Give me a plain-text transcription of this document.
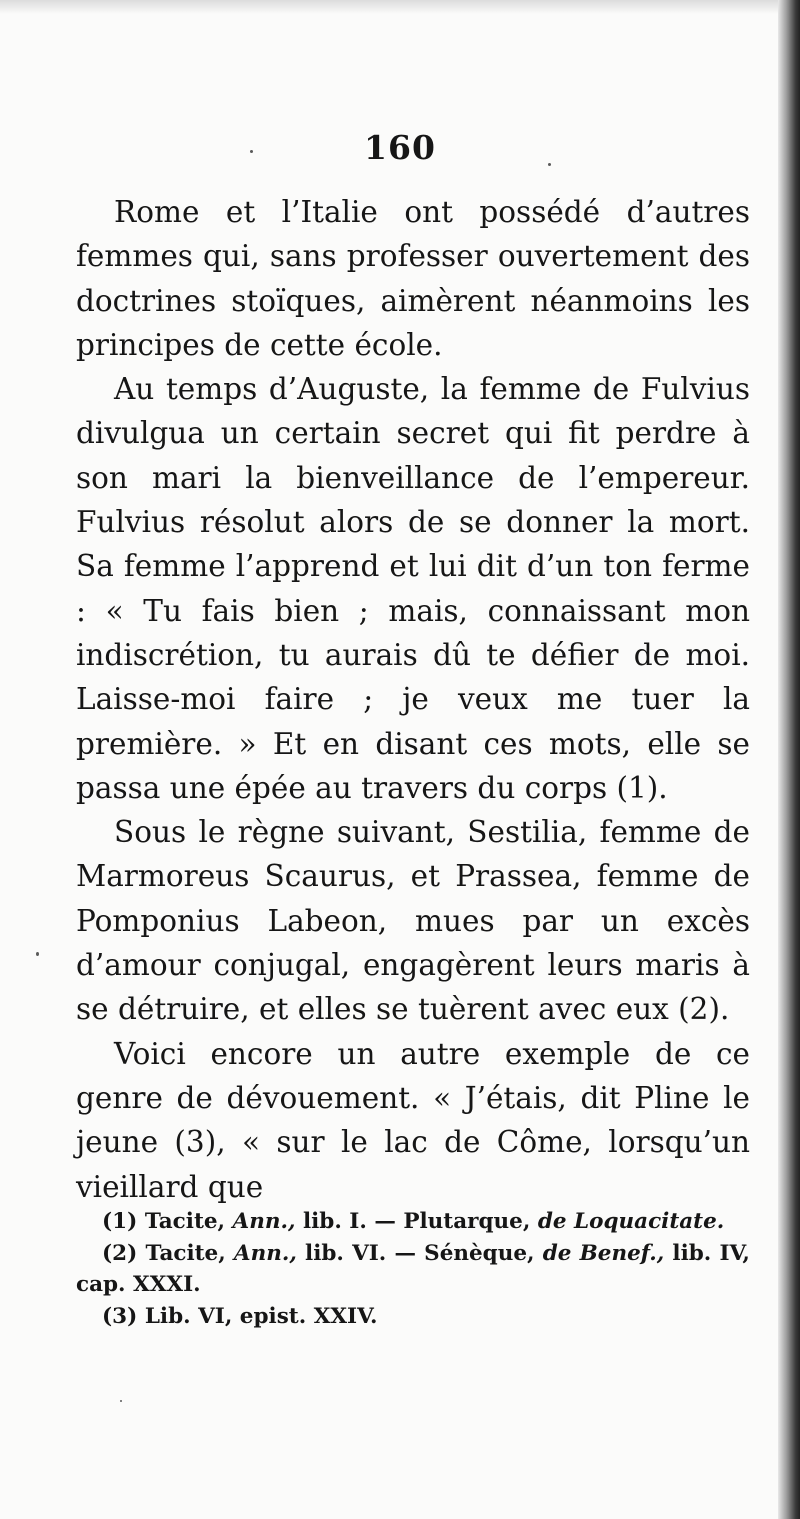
160

Rome et l’Italie ont possédé d’autres femmes qui, sans professer ouvertement des doctrines stoïques, aimèrent néanmoins les principes de cette école.

Au temps d’Auguste, la femme de Fulvius divulgua un certain secret qui fit perdre à son mari la bienveillance de l’empereur. Fulvius résolut alors de se donner la mort. Sa femme l’apprend et lui dit d’un ton ferme : « Tu fais bien ; mais, connaissant mon indiscrétion, tu aurais dû te défier de moi. Laisse-moi faire ; je veux me tuer la première. » Et en disant ces mots, elle se passa une épée au travers du corps (1).

Sous le règne suivant, Sestilia, femme de Marmoreus Scaurus, et Prassea, femme de Pomponius Labeon, mues par un excès d’amour conjugal, engagèrent leurs maris à se détruire, et elles se tuèrent avec eux (2).

Voici encore un autre exemple de ce genre de dévouement. « J’étais, dit Pline le jeune (3), « sur le lac de Côme, lorsqu’un vieillard que

(1) Tacite, Ann., lib. I. — Plutarque, de Loquacitate.

(2) Tacite, Ann., lib. VI. — Sénèque, de Benef., lib. IV, cap. XXXI.

(3) Lib. VI, epist. XXIV.
